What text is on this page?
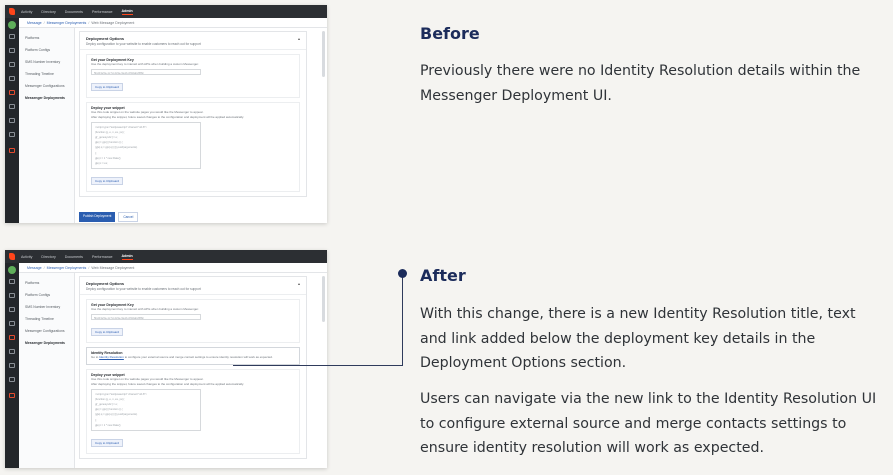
Activity	Directory	Documents	Performance	Admin
Message / Messenger Deployments / Web Message Deployment
Platforms
Platform Configs
SMS Number Inventory
Threading Timeline
Messenger Configurations
Messenger Deployments
Deployment Options
Deploy configuration to your website to enable customers to reach out for support
▴
Get your Deployment Key
Use the deployment key to interact with APIs when building a custom Messenger.
5b2d3e5a-1c7d-4c9e-9a1b-0f3dab2f88c
Copy to Clipboard
Deploy your snippet
Use this code snippet on the website pages you would like the Messenger to appear.
After deploying the snippet, future saved changes to the configuration and deployment will be applied automatically.
<script type="text/javascript" charset="utf-8">
(function (g, e, n, es, ys) {
g['_genesysJs'] = e;
g[e] = g[e] || function () {
(g[e].q = g[e].q || []).push(arguments)
};
g[e].t = 1 * new Date();
g[e].c = es;
Copy to Clipboard
Publish Deployment	Cancel
Activity	Directory	Documents	Performance	Admin
Message / Messenger Deployments / Web Message Deployment
Platforms
Platform Configs
SMS Number Inventory
Threading Timeline
Messenger Configurations
Messenger Deployments
Deployment Options
Deploy configuration to your website to enable customers to reach out for support
▴
Get your Deployment Key
Use the deployment key to interact with APIs when building a custom Messenger.
5b2d3e5a-1c7d-4c9e-9a1b-0f3dab2f88c
Copy to Clipboard
Identity Resolution
Go to Identity Resolution to configure your external source and merge contact settings to ensure identity resolution will work as expected.
Deploy your snippet
Use this code snippet on the website pages you would like the Messenger to appear.
After deploying the snippet, future saved changes to the configuration and deployment will be applied automatically.
<script type="text/javascript" charset="utf-8">
(function (g, e, n, es, ys) {
g['_genesysJs'] = e;
g[e] = g[e] || function () {
(g[e].q = g[e].q || []).push(arguments)
};
g[e].t = 1 * new Date();
Copy to Clipboard
Before
Previously there were no Identity Resolution details within the Messenger Deployment UI.
After
With this change, there is a new Identity Resolution title, text and link added below the deployment key details in the Deployment Options section.
Users can navigate via the new link to the Identity Resolution UI to configure external source and merge contacts settings to ensure identity resolution will work as expected.
